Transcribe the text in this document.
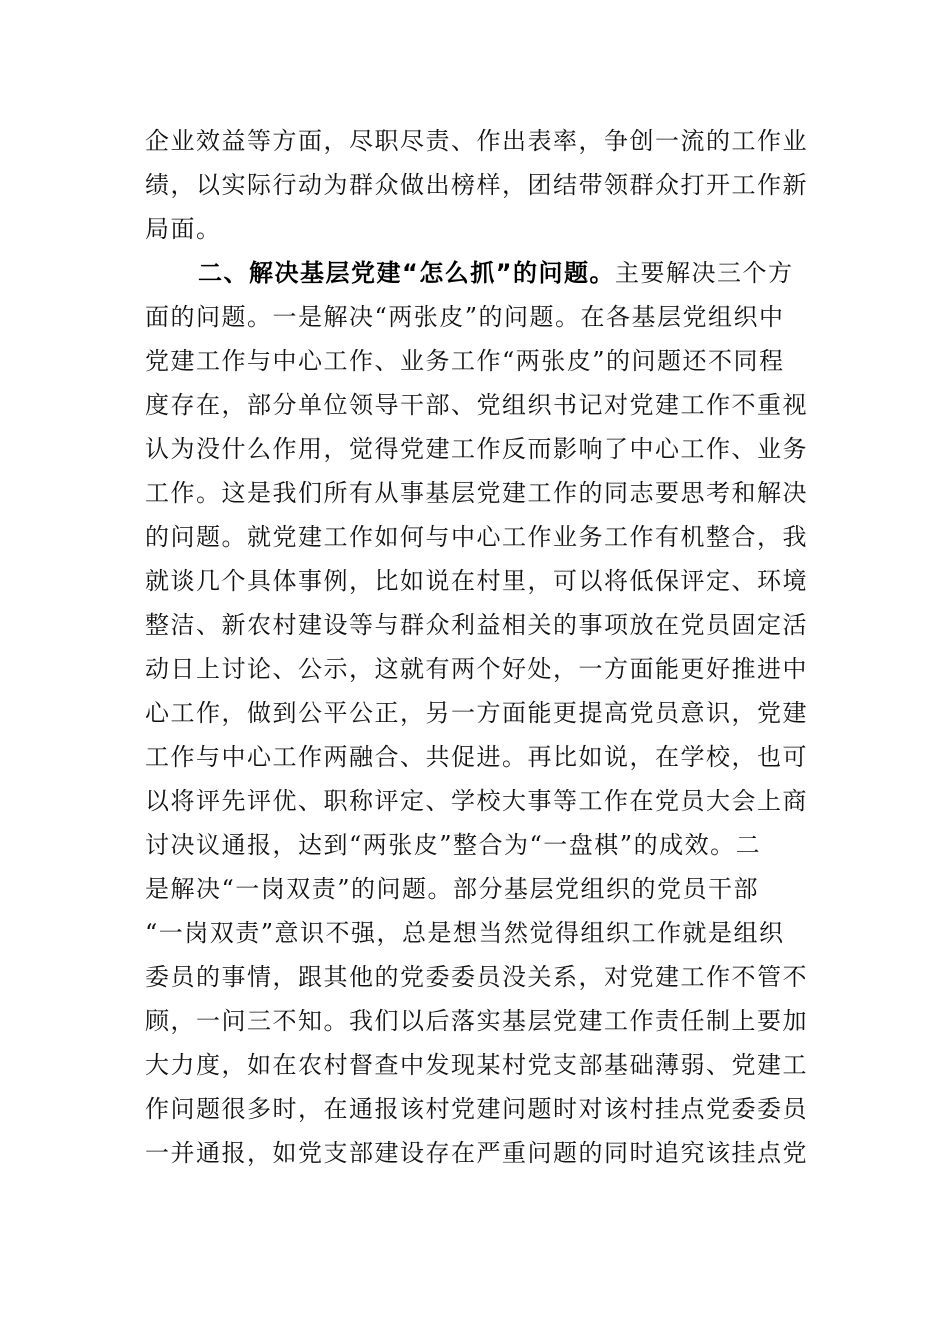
企业效益等方面，尽职尽责、作出表率，争创一流的工作业
绩，以实际行动为群众做出榜样，团结带领群众打开工作新
局面。
二、解决基层党建“怎么抓”的问题。主要解决三个方
面的问题。一是解决“两张皮”的问题。在各基层党组织中
党建工作与中心工作、业务工作“两张皮”的问题还不同程
度存在，部分单位领导干部、党组织书记对党建工作不重视
认为没什么作用，觉得党建工作反而影响了中心工作、业务
工作。这是我们所有从事基层党建工作的同志要思考和解决
的问题。就党建工作如何与中心工作业务工作有机整合，我
就谈几个具体事例，比如说在村里，可以将低保评定、环境
整洁、新农村建设等与群众利益相关的事项放在党员固定活
动日上讨论、公示，这就有两个好处，一方面能更好推进中
心工作，做到公平公正，另一方面能更提高党员意识，党建
工作与中心工作两融合、共促进。再比如说，在学校，也可
以将评先评优、职称评定、学校大事等工作在党员大会上商
讨决议通报，达到“两张皮”整合为“一盘棋”的成效。二
是解决“一岗双责”的问题。部分基层党组织的党员干部
“一岗双责”意识不强，总是想当然觉得组织工作就是组织
委员的事情，跟其他的党委委员没关系，对党建工作不管不
顾，一问三不知。我们以后落实基层党建工作责任制上要加
大力度，如在农村督查中发现某村党支部基础薄弱、党建工
作问题很多时，在通报该村党建问题时对该村挂点党委委员
一并通报，如党支部建设存在严重问题的同时追究该挂点党
